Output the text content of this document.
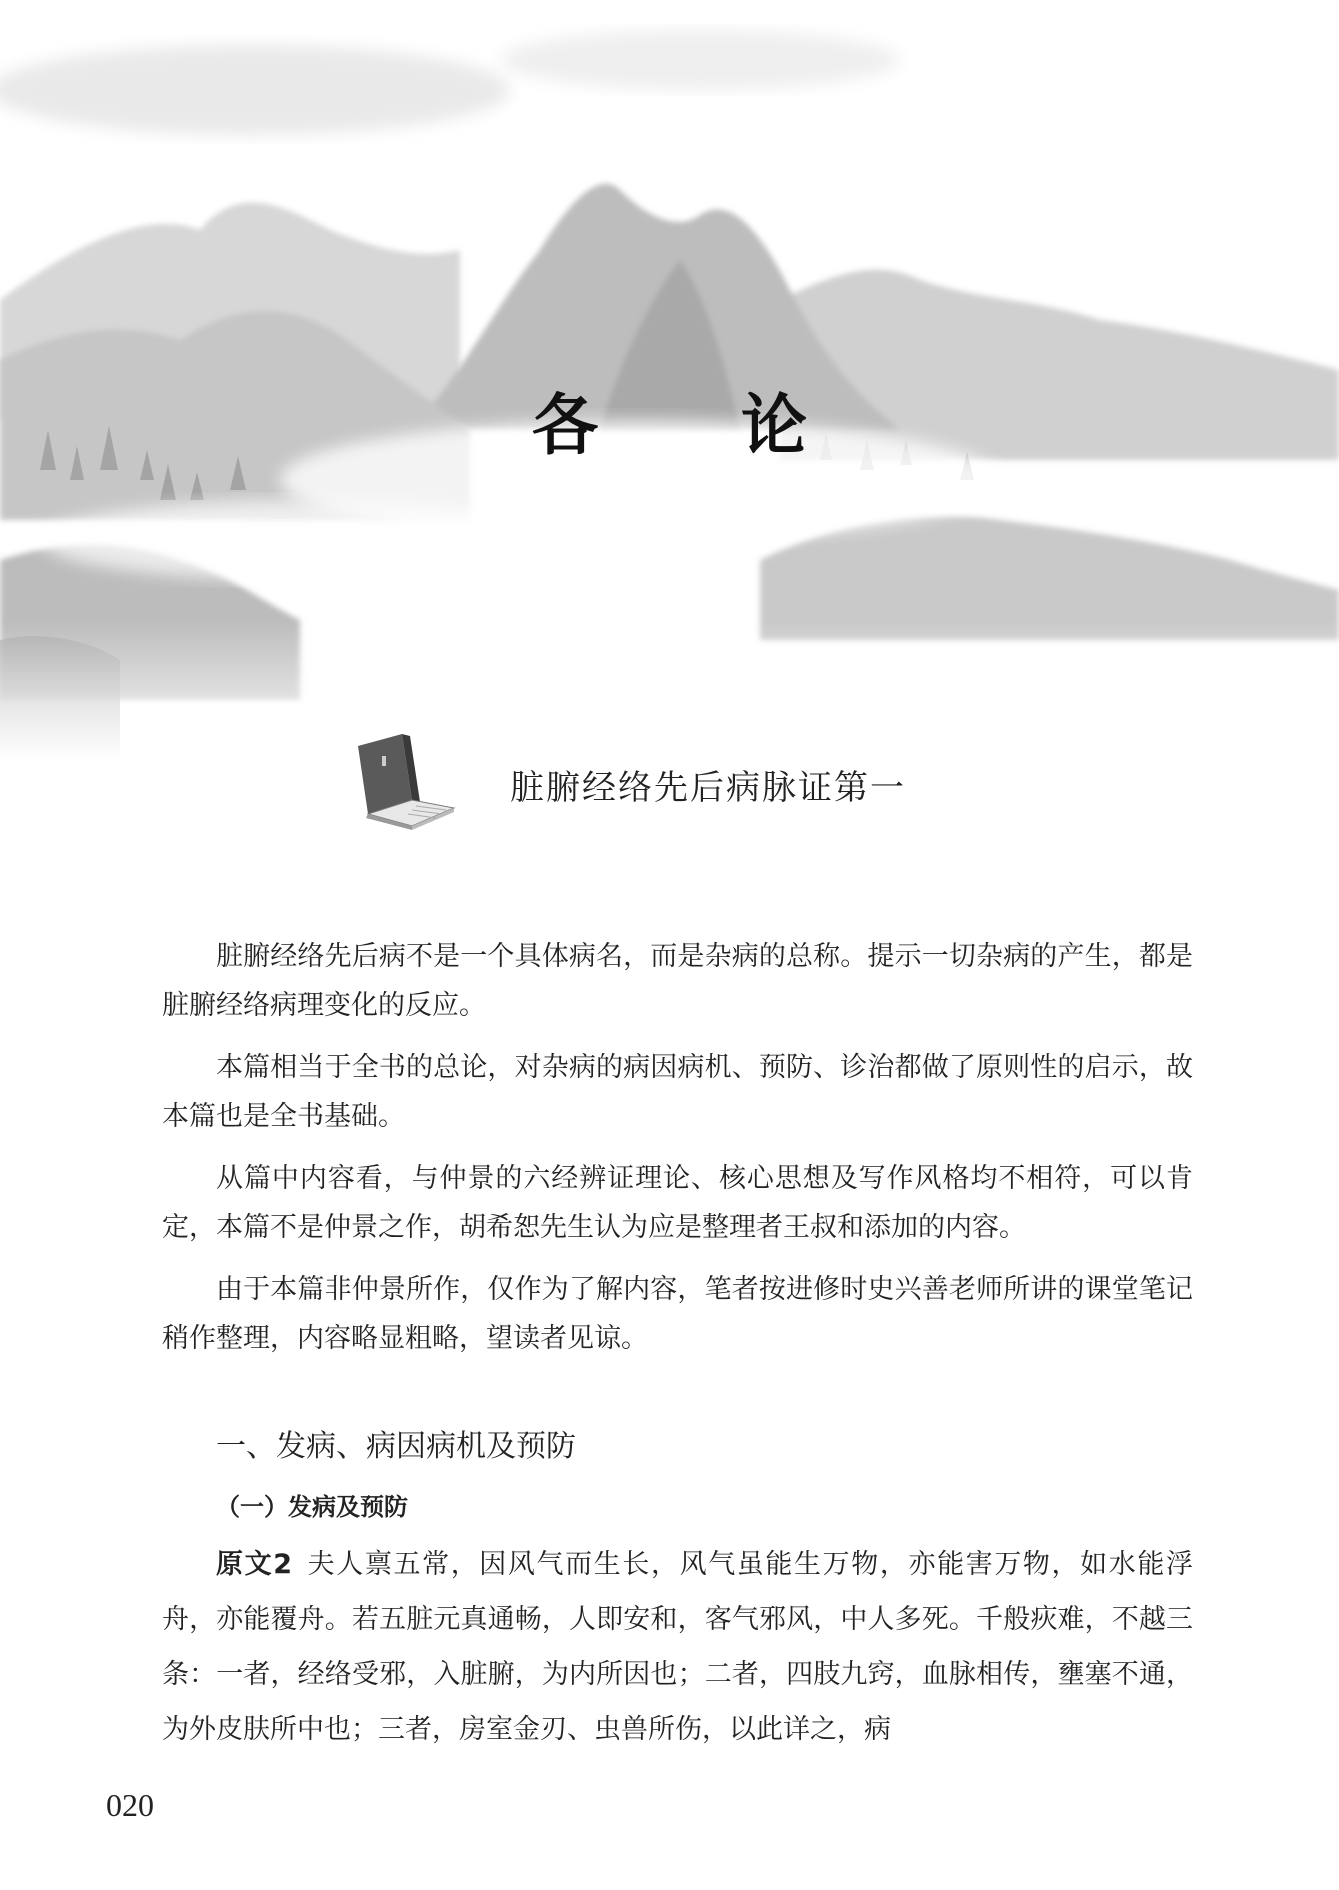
各 论
脏腑经络先后病脉证第一

脏腑经络先后病不是一个具体病名，而是杂病的总称。提示一切杂病的产生，都是脏腑经络病理变化的反应。

本篇相当于全书的总论，对杂病的病因病机、预防、诊治都做了原则性的启示，故本篇也是全书基础。

从篇中内容看，与仲景的六经辨证理论、核心思想及写作风格均不相符，可以肯定，本篇不是仲景之作，胡希恕先生认为应是整理者王叔和添加的内容。

由于本篇非仲景所作，仅作为了解内容，笔者按进修时史兴善老师所讲的课堂笔记稍作整理，内容略显粗略，望读者见谅。

一、发病、病因病机及预防
（一）发病及预防

原文2 夫人禀五常，因风气而生长，风气虽能生万物，亦能害万物，如水能浮舟，亦能覆舟。若五脏元真通畅，人即安和，客气邪风，中人多死。千般疢难，不越三条：一者，经络受邪，入脏腑，为内所因也；二者，四肢九窍，血脉相传，壅塞不通，为外皮肤所中也；三者，房室金刃、虫兽所伤，以此详之，病

020
